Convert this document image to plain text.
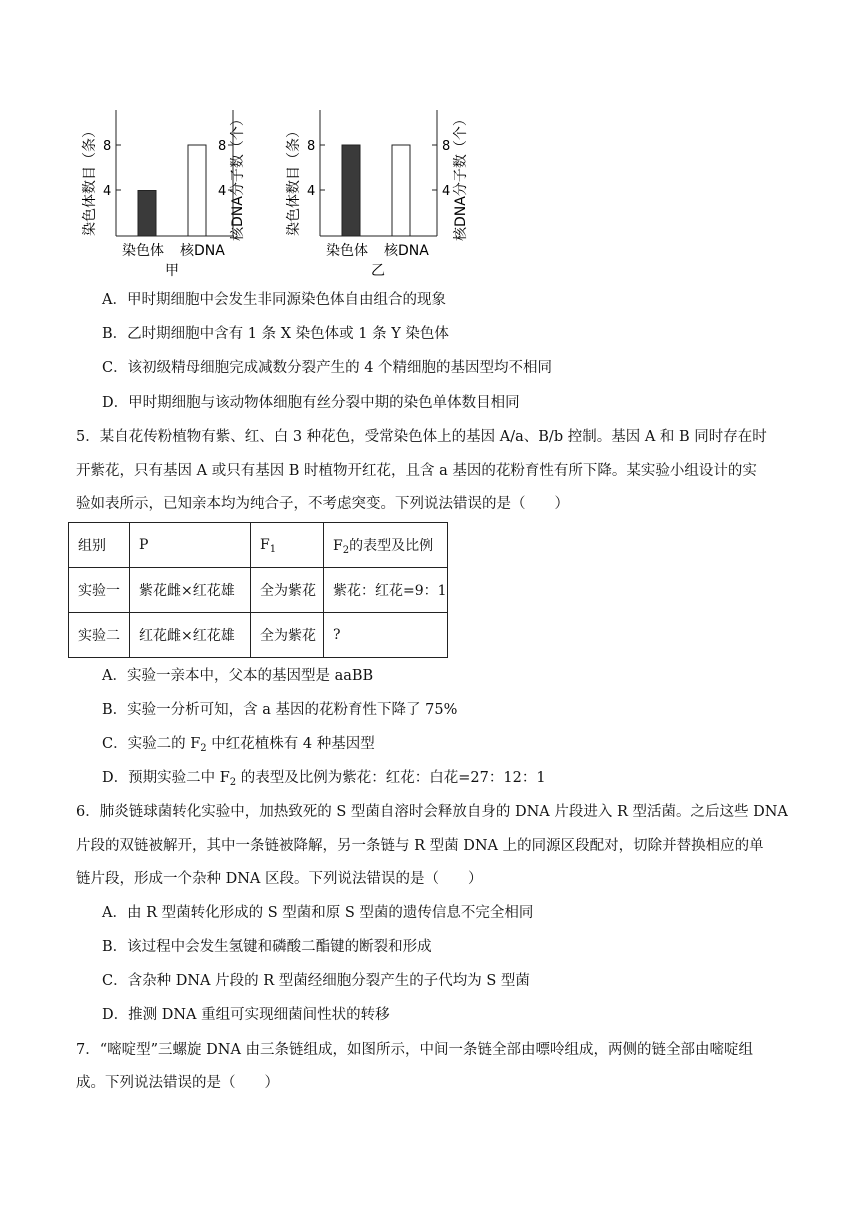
染色体数目（条）	核DNA分子数（个）
4
8
4
8
染色体 核DNA
甲
染色体数目（条）	核DNA分子数（个）
4
8
4
8
染色体 核DNA
乙
A．甲时期细胞中会发生非同源染色体自由组合的现象
B．乙时期细胞中含有 1 条 X 染色体或 1 条 Y 染色体
C．该初级精母细胞完成减数分裂产生的 4 个精细胞的基因型均不相同
D．甲时期细胞与该动物体细胞有丝分裂中期的染色单体数目相同
5．某自花传粉植物有紫、红、白 3 种花色，受常染色体上的基因 A/a、B/b 控制。基因 A 和 B 同时存在时
开紫花，只有基因 A 或只有基因 B 时植物开红花，且含 a 基因的花粉育性有所下降。某实验小组设计的实
验如表所示，已知亲本均为纯合子，不考虑突变。下列说法错误的是（　　）
组别	P	$F_1$	$F_2$的表型及比例
实验一	紫花雌×红花雄	全为紫花	紫花：红花=9：1
实验二	红花雌×红花雄	全为紫花	?
A．实验一亲本中，父本的基因型是 aaBB
B．实验一分析可知，含 a 基因的花粉育性下降了 75%
C．实验二的 $F_2$ 中红花植株有 4 种基因型
D．预期实验二中 $F_2$ 的表型及比例为紫花：红花：白花=27：12：1
6．肺炎链球菌转化实验中，加热致死的 S 型菌自溶时会释放自身的 DNA 片段进入 R 型活菌。之后这些 DNA
片段的双链被解开，其中一条链被降解，另一条链与 R 型菌 DNA 上的同源区段配对，切除并替换相应的单
链片段，形成一个杂种 DNA 区段。下列说法错误的是（　　）
A．由 R 型菌转化形成的 S 型菌和原 S 型菌的遗传信息不完全相同
B．该过程中会发生氢键和磷酸二酯键的断裂和形成
C．含杂种 DNA 片段的 R 型菌经细胞分裂产生的子代均为 S 型菌
D．推测 DNA 重组可实现细菌间性状的转移
7．“嘧啶型”三螺旋 DNA 由三条链组成，如图所示，中间一条链全部由嘌呤组成，两侧的链全部由嘧啶组
成。下列说法错误的是（　　）
